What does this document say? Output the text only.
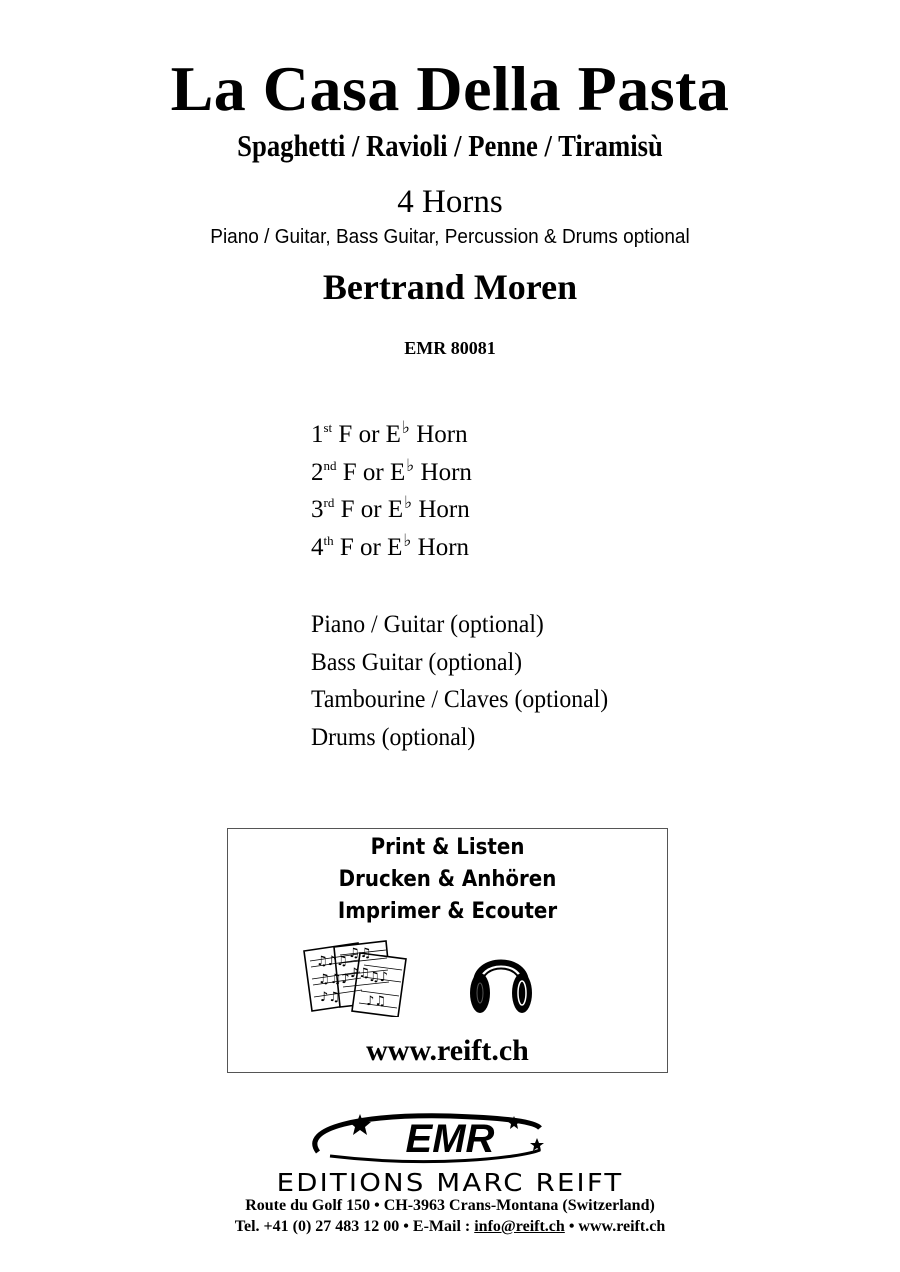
La Casa Della Pasta
Spaghetti / Ravioli / Penne / Tiramisù
4 Horns
Piano / Guitar, Bass Guitar, Percussion & Drums optional
Bertrand Moren
EMR 80081
1st F or E♭ Horn
2nd F or E♭ Horn
3rd F or E♭ Horn
4th F or E♭ Horn
Piano / Guitar (optional)
Bass Guitar (optional)
Tambourine / Claves (optional)
Drums (optional)
Print & Listen
Drucken & Anhören
Imprimer & Ecouter
♫♪♫
♫♫♪
♪♫
♫♫
♪♫
♫♪
♪♫
www.reift.ch
EMR
EDITIONS MARC REIFT
Route du Golf 150 • CH-3963 Crans-Montana (Switzerland)
Tel. +41 (0) 27 483 12 00 • E-Mail : info@reift.ch • www.reift.ch
